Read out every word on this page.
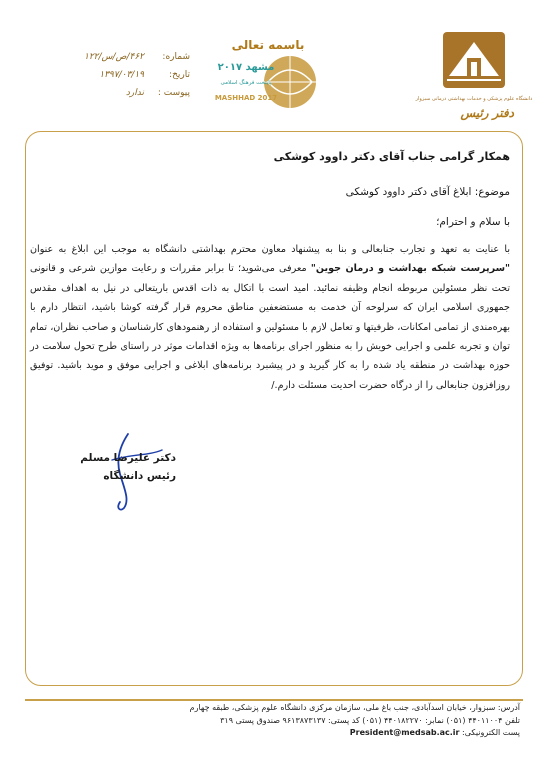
دانشگاه علوم پزشکی و خدمات بهداشتی درمانی سبزوار
دفتر رئیس
باسمه تعالی
مشهد ۲۰۱۷
پایتخت فرهنگ اسلامی
MASHHAD 2017
شماره:
۴۶۲/ص/س/۱۲۲
تاریخ:
۱۳۹۷/۰۳/۱۹
پیوست :
ندارد
همکار گرامی جناب آقای دکتر داوود کوشکی
موضوع: ابلاغ آقای دکتر داوود کوشکی
با سلام و احترام؛
با عنایت به تعهد و تجارب جنابعالی و بنا به پیشنهاد معاون محترم بهداشتی دانشگاه به موجب این ابلاغ به عنوان "سرپرست شبکه بهداشت و درمان جوین" معرفی می‌شوید؛ تا برابر مقررات و رعایت موازین شرعی و قانونی تحت نظر مسئولین مربوطه انجام وظیفه نمائید. امید است با اتکال به ذات اقدس باریتعالی در نیل به اهداف مقدس جمهوری اسلامی ایران که سرلوحه آن خدمت به مستضعفین مناطق محروم قرار گرفته کوشا باشید، انتظار دارم با بهره‌مندی از تمامی امکانات، ظرفیتها و تعامل لازم با مسئولین و استفاده از رهنمودهای کارشناسان و صاحب نظران، تمام توان و تجربه علمی و اجرایی خویش را به منظور اجرای برنامه‌ها به ویژه اقدامات موثر در راستای طرح تحول سلامت در حوزه بهداشت در منطقه یاد شده را به کار گیرید و در پیشبرد برنامه‌های ابلاغی و اجرایی موفق و موید باشید. توفیق روزافزون جنابعالی را از درگاه حضرت احدیت مسئلت دارم./
دکتر علیرضا مسلم
رئیس دانشگاه
آدرس: سبزوار، خیابان اسدآبادی، جنب باغ ملی، سازمان مرکزی دانشگاه علوم پزشکی، طبقه چهارم
تلفن ۴۴۰۱۱۰۰۴ (۰۵۱) نمابر: ۴۴۰۱۸۲۲۷۰ (۰۵۱) کد پستی: ۹۶۱۳۸۷۳۱۳۷ صندوق پستی ۳۱۹
پست الکترونیکی: President@medsab.ac.ir
